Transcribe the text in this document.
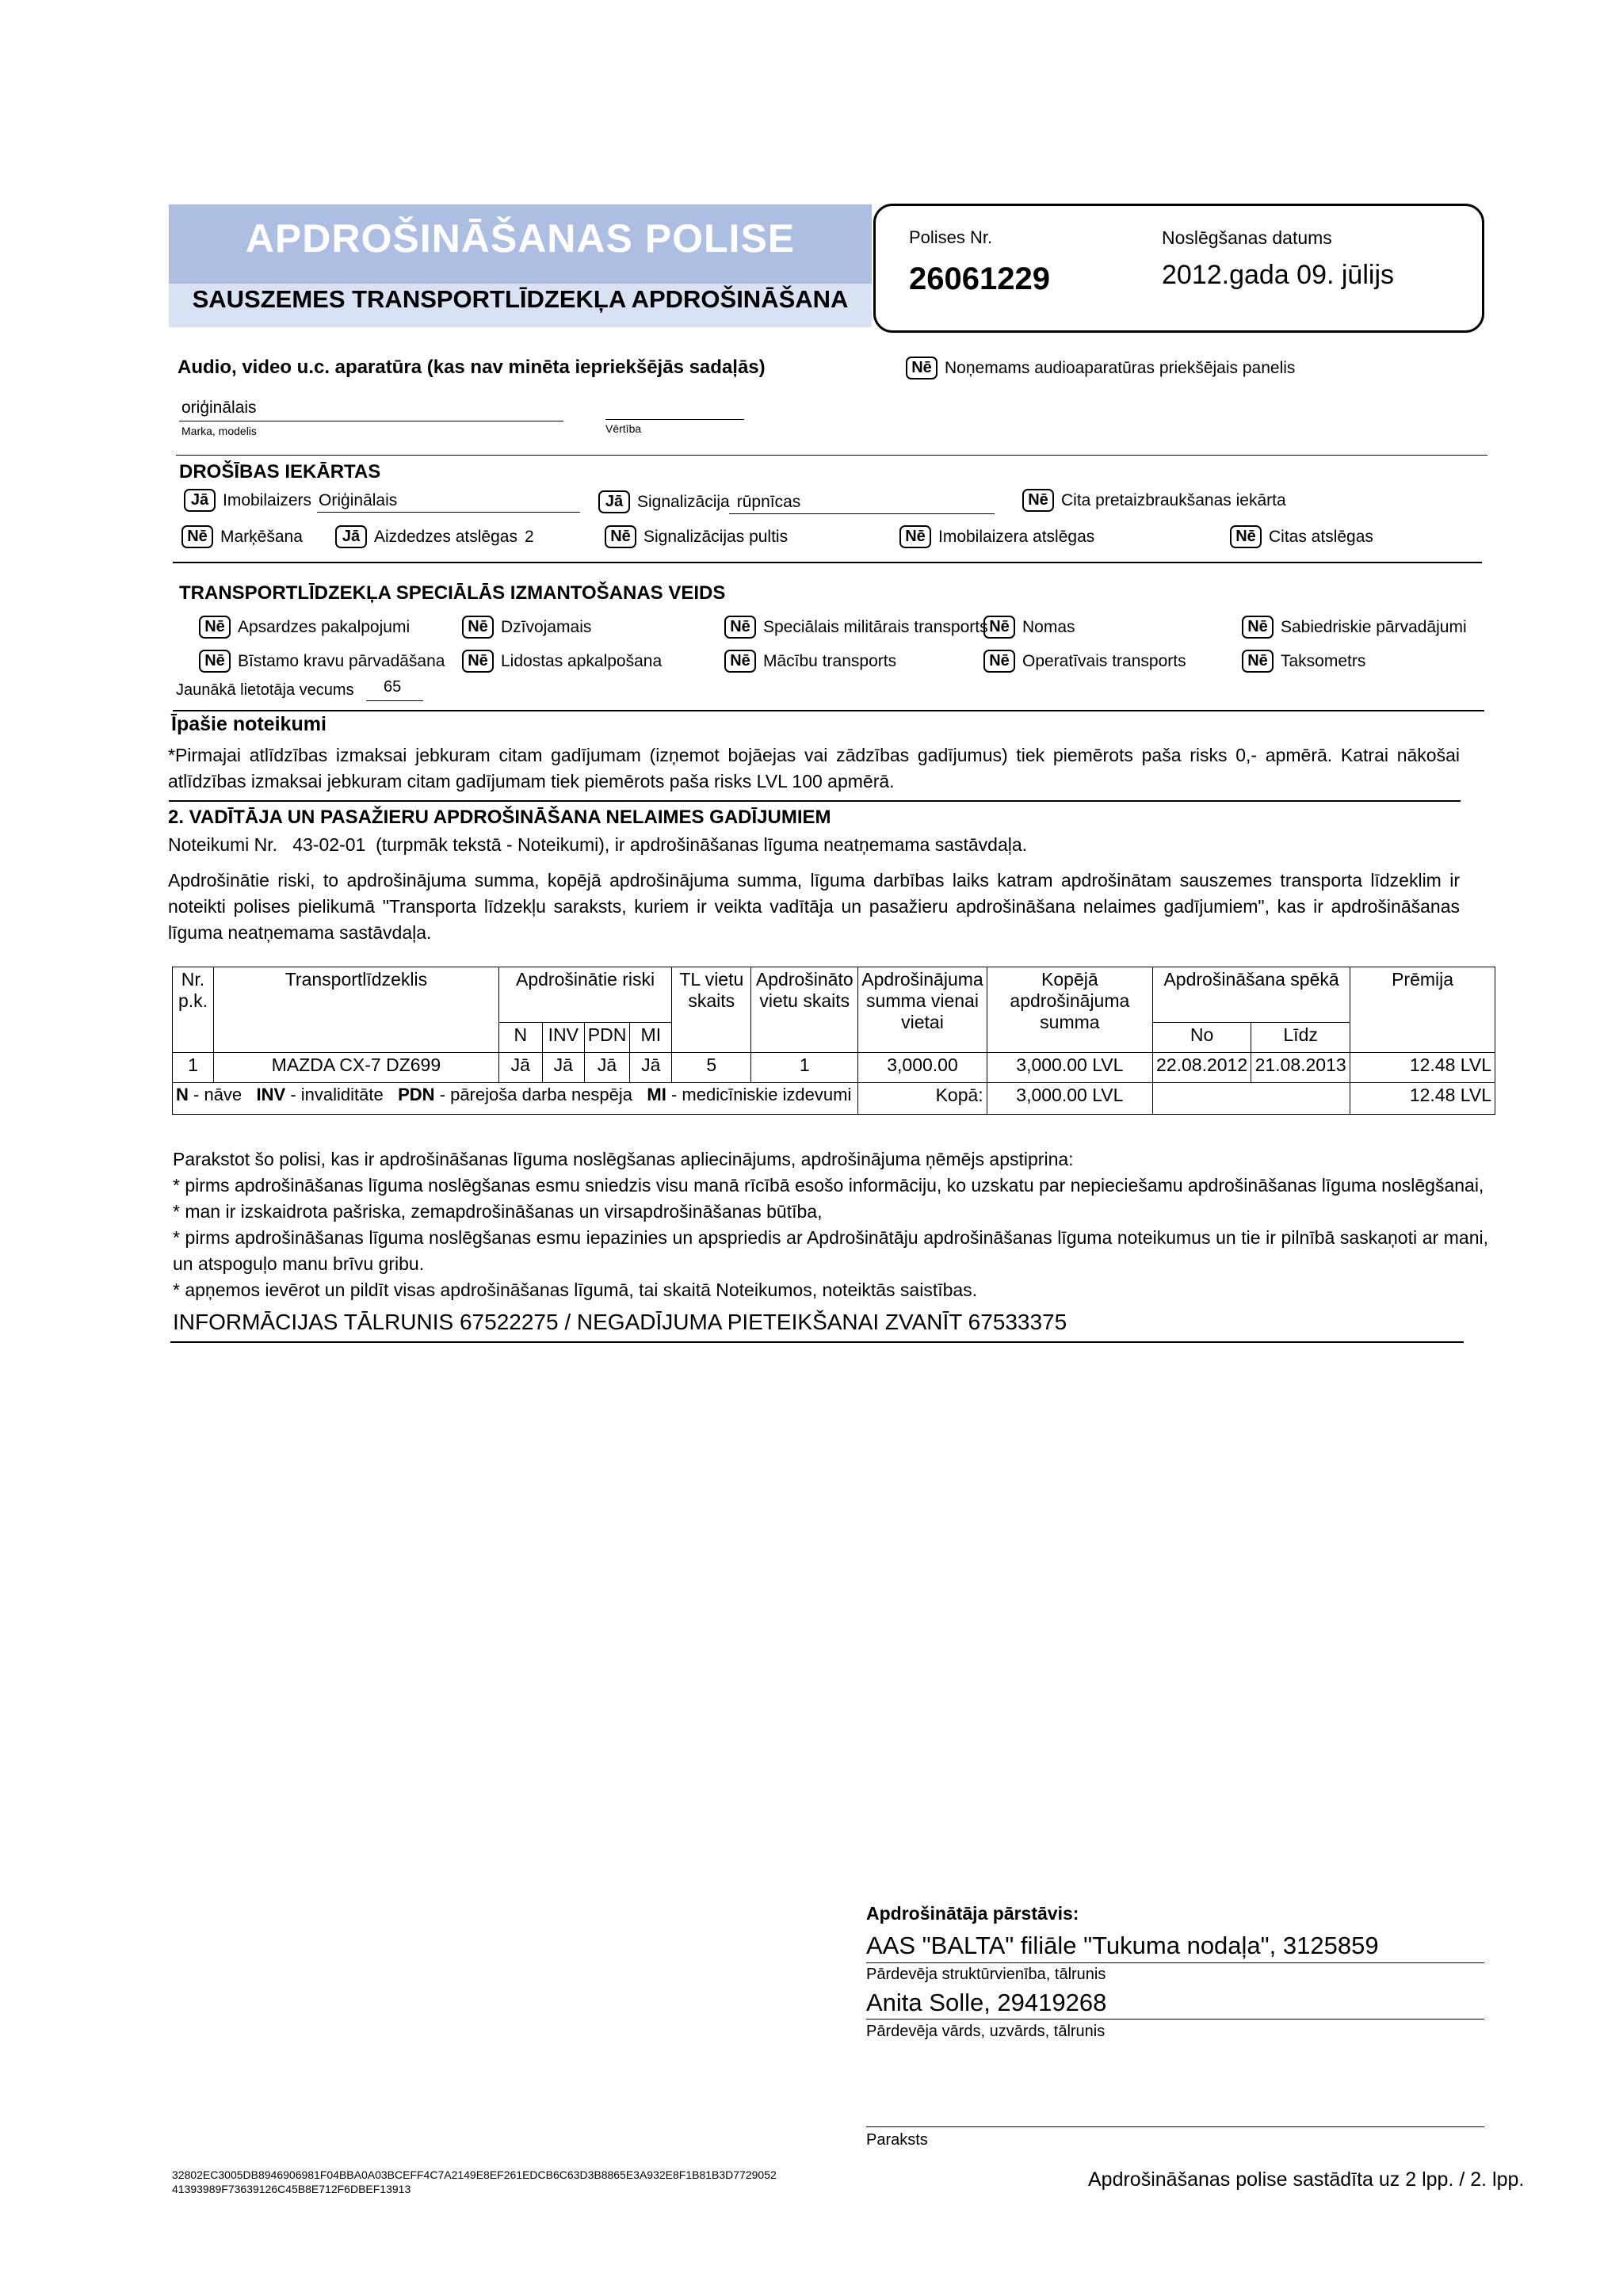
APDROŠINĀŠANAS POLISE
SAUSZEMES TRANSPORTLĪDZEKĻA APDROŠINĀŠANA
Polises Nr.
26061229
Noslēgšanas datums
2012.gada 09. jūlijs
Audio, video u.c. aparatūra (kas nav minēta iepriekšējās sadaļās)	Nē Noņemams audioaparatūras priekšējais panelis
oriģinālais
Marka, modelis	Vērtība
DROŠĪBAS IEKĀRTAS
Jā Imobilaizers Oriģinālais	Jā Signalizācija rūpnīcas	Nē Cita pretaizbraukšanas iekārta
Nē Marķēšana	Jā Aizdedzes atslēgas 2	Nē Signalizācijas pultis	Nē Imobilaizera atslēgas	Nē Citas atslēgas
TRANSPORTLĪDZEKĻA SPECIĀLĀS IZMANTOŠANAS VEIDS
Nē Apsardzes pakalpojumi	Nē Dzīvojamais	Nē Speciālais militārais transports Nē Nomas	Nē Sabiedriskie pārvadājumi
Nē Bīstamo kravu pārvadāšana	Nē Lidostas apkalpošana	Nē Mācību transports	Nē Operatīvais transports	Nē Taksometrs
Jaunākā lietotāja vecums 65
Īpašie noteikumi
*Pirmajai atlīdzības izmaksai jebkuram citam gadījumam (izņemot bojāejas vai zādzības gadījumus) tiek piemērots paša risks 0,- apmērā. Katrai nākošai atlīdzības izmaksai jebkuram citam gadījumam tiek piemērots paša risks LVL 100 apmērā.
2. VADĪTĀJA UN PASAŽIERU APDROŠINĀŠANA NELAIMES GADĪJUMIEM
Noteikumi Nr. 43-02-01 (turpmāk tekstā - Noteikumi), ir apdrošināšanas līguma neatņemama sastāvdaļa.
Apdrošinātie riski, to apdrošinājuma summa, kopējā apdrošinājuma summa, līguma darbības laiks katram apdrošinātam sauszemes transporta līdzeklim ir noteikti polises pielikumā "Transporta līdzekļu saraksts, kuriem ir veikta vadītāja un pasažieru apdrošināšana nelaimes gadījumiem", kas ir apdrošināšanas līguma neatņemama sastāvdaļa.
Nr. p.k.	Transportlīdzeklis	Apdrošinātie riski				TL vietu skaits	Apdrošināto vietu skaits	Apdrošinājuma summa vienai vietai	Kopējā apdrošinājuma summa	Apdrošināšana spēkā		Prēmija
		N	INV	PDN	MI					No	Līdz	
1	MAZDA CX-7 DZ699	Jā	Jā	Jā	Jā	5	1	3,000.00	3,000.00 LVL	22.08.2012	21.08.2013	12.48 LVL
N - nāve INV - invaliditāte PDN - pārejoša darba nespēja MI - medicīniskie izdevumi								Kopā:	3,000.00 LVL			12.48 LVL
Parakstot šo polisi, kas ir apdrošināšanas līguma noslēgšanas apliecinājums, apdrošinājuma ņēmējs apstiprina:
* pirms apdrošināšanas līguma noslēgšanas esmu sniedzis visu manā rīcībā esošo informāciju, ko uzskatu par nepieciešamu apdrošināšanas līguma noslēgšanai,
* man ir izskaidrota pašriska, zemapdrošināšanas un virsapdrošināšanas būtība,
* pirms apdrošināšanas līguma noslēgšanas esmu iepazinies un apspriedis ar Apdrošinātāju apdrošināšanas līguma noteikumus un tie ir pilnībā saskaņoti ar mani, un atspoguļo manu brīvu gribu.
* apņemos ievērot un pildīt visas apdrošināšanas līgumā, tai skaitā Noteikumos, noteiktās saistības.
INFORMĀCIJAS TĀLRUNIS 67522275 / NEGADĪJUMA PIETEIKŠANAI ZVANĪT 67533375
Apdrošinātāja pārstāvis:
AAS "BALTA" filiāle "Tukuma nodaļa", 3125859
Pārdevēja struktūrvienība, tālrunis
Anita Solle, 29419268
Pārdevēja vārds, uzvārds, tālrunis
Paraksts
32802EC3005DB8946906981F04BBA0A03BCEFF4C7A2149E8EF261EDCB6C63D3B8865E3A932E8F1B81B3D7729052
41393989F73639126C45B8E712F6DBEF13913	Apdrošināšanas polise sastādīta uz 2 lpp. / 2. lpp.
